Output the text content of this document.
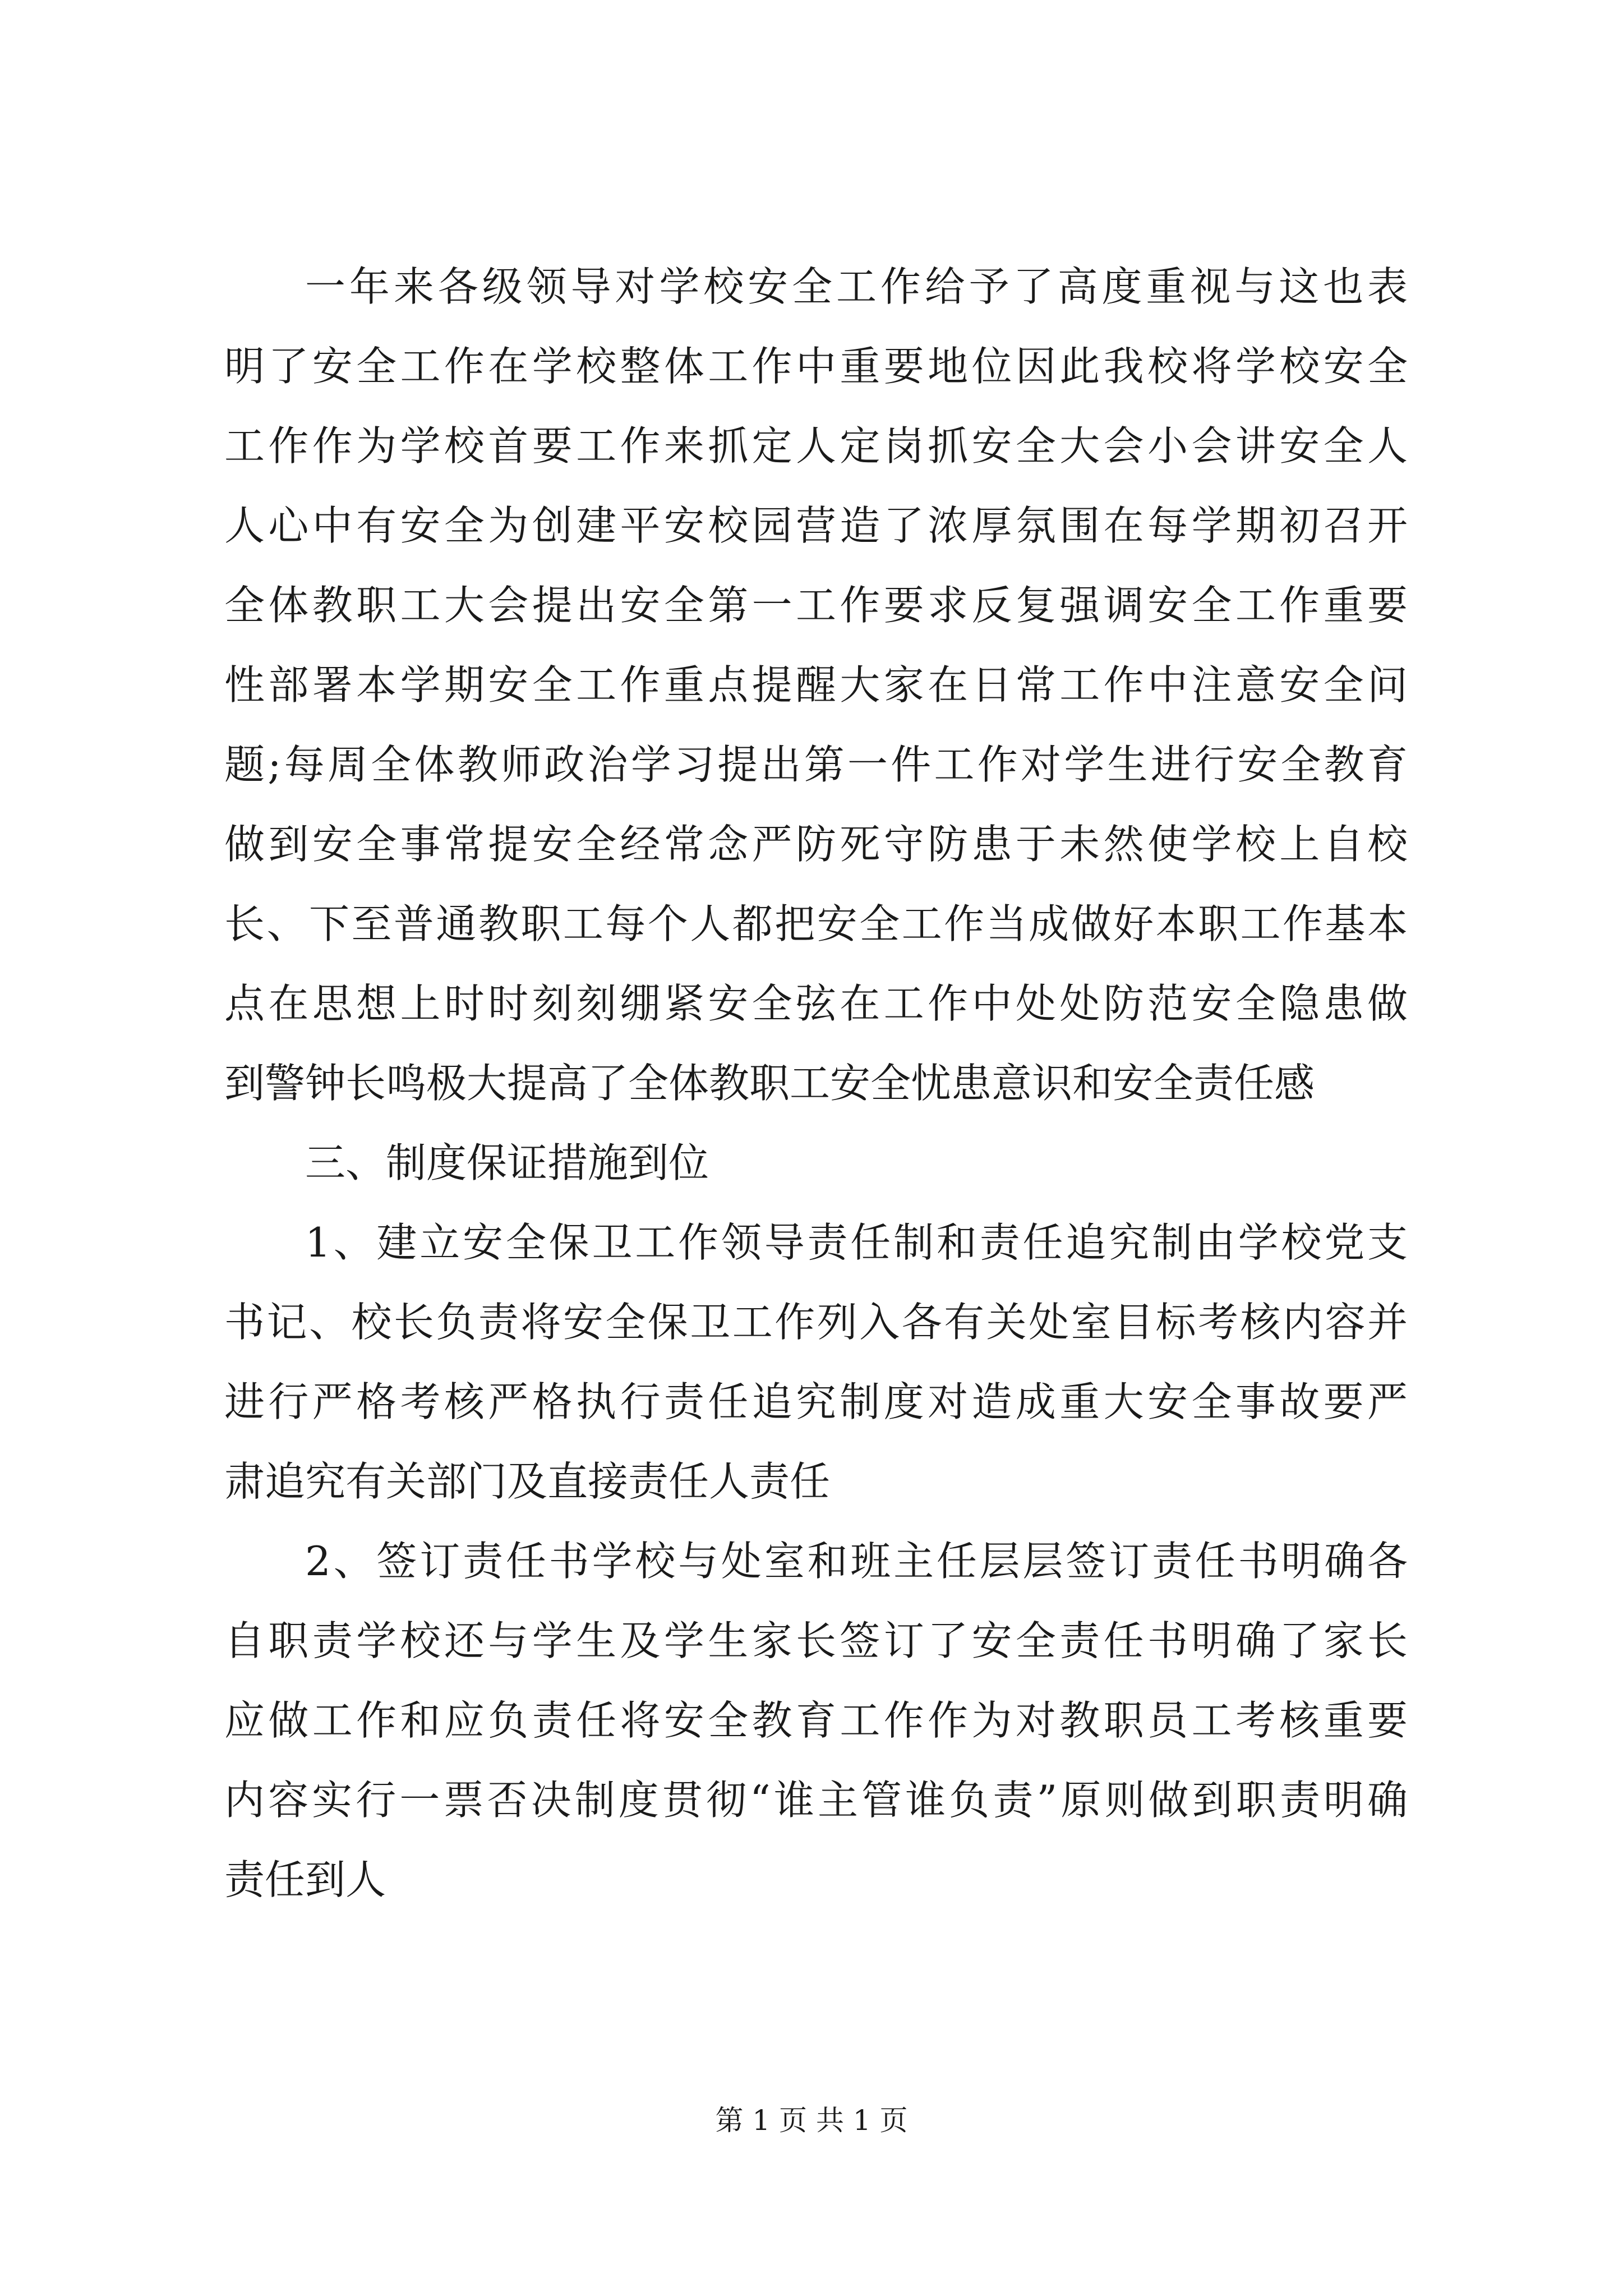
一年来各级领导对学校安全工作给予了高度重视与这也表
明了安全工作在学校整体工作中重要地位因此我校将学校安全
工作作为学校首要工作来抓定人定岗抓安全大会小会讲安全人
人心中有安全为创建平安校园营造了浓厚氛围在每学期初召开
全体教职工大会提出安全第一工作要求反复强调安全工作重要
性部署本学期安全工作重点提醒大家在日常工作中注意安全问
题;每周全体教师政治学习提出第一件工作对学生进行安全教育
做到安全事常提安全经常念严防死守防患于未然使学校上自校
长、下至普通教职工每个人都把安全工作当成做好本职工作基本
点在思想上时时刻刻绷紧安全弦在工作中处处防范安全隐患做
到警钟长鸣极大提高了全体教职工安全忧患意识和安全责任感
三、制度保证措施到位
1、建立安全保卫工作领导责任制和责任追究制由学校党支
书记、校长负责将安全保卫工作列入各有关处室目标考核内容并
进行严格考核严格执行责任追究制度对造成重大安全事故要严
肃追究有关部门及直接责任人责任
2、签订责任书学校与处室和班主任层层签订责任书明确各
自职责学校还与学生及学生家长签订了安全责任书明确了家长
应做工作和应负责任将安全教育工作作为对教职员工考核重要
内容实行一票否决制度贯彻“谁主管谁负责”原则做到职责明确
责任到人
第 1 页 共 1 页
